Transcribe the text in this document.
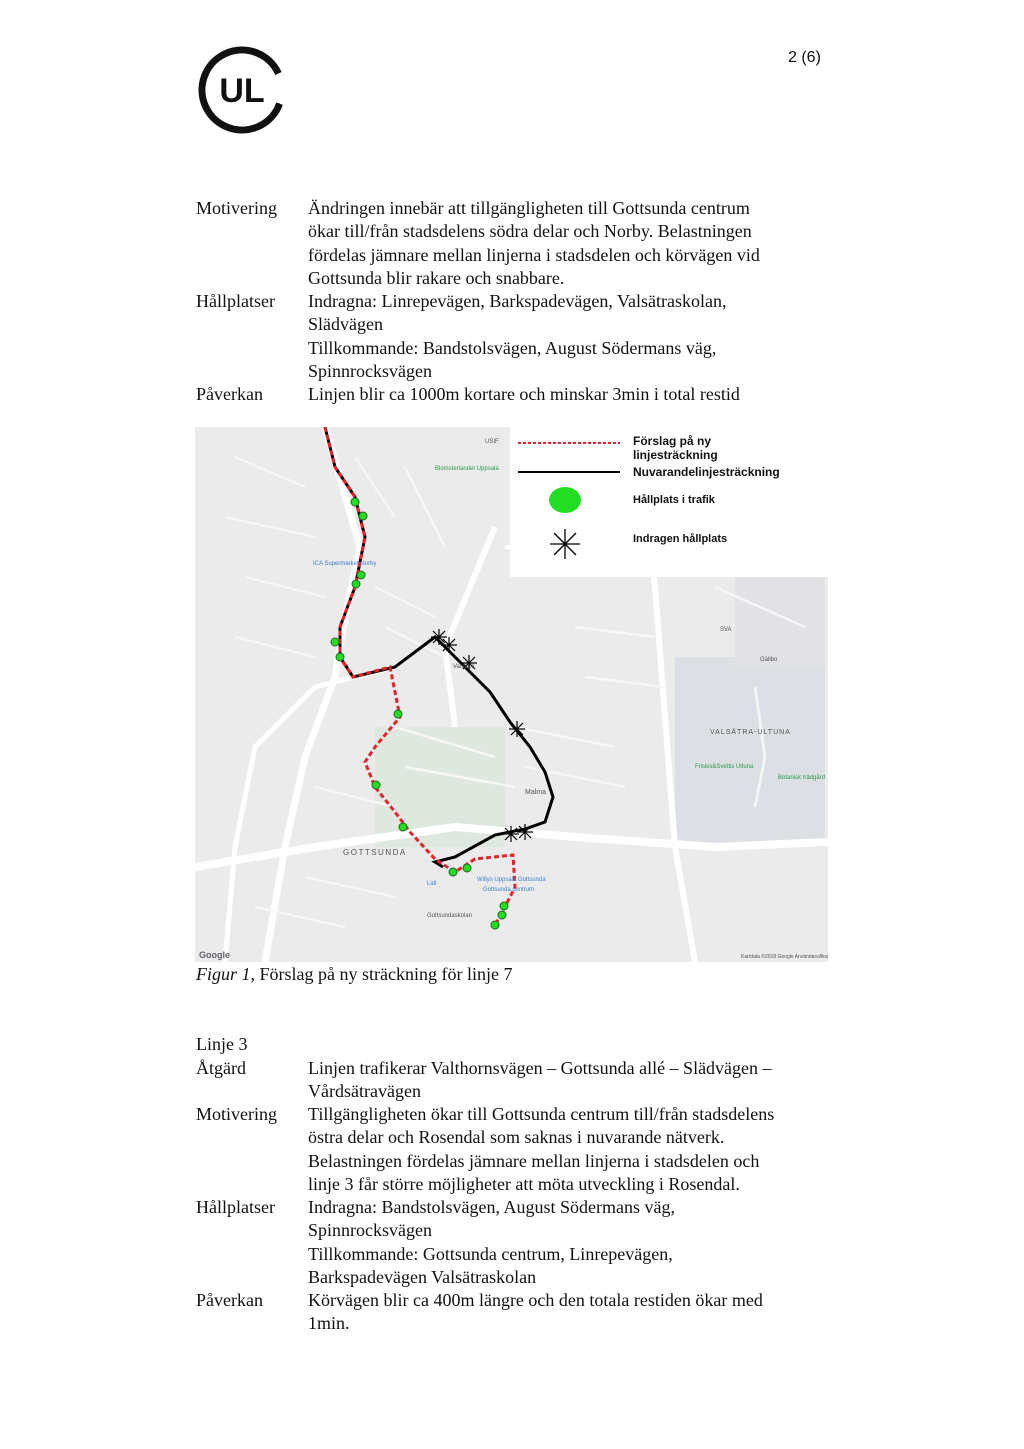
2 (6)
UL
Motivering	Ändringen innebär att tillgängligheten till Gottsunda centrum
ökar till/från stadsdelens södra delar och Norby. Belastningen
fördelas jämnare mellan linjerna i stadsdelen och körvägen vid
Gottsunda blir rakare och snabbare.
Hållplatser	Indragna: Linrepevägen, Barkspadevägen, Valsätraskolan,
Slädvägen
Tillkommande: Bandstolsvägen, August Södermans väg,
Spinnrocksvägen
Påverkan	Linjen blir ca 1000m kortare och minskar 3min i total restid
Förslag på ny
linjesträckning
Nuvarandelinjesträckning
Hållplats i trafik
Indragen hållplats
GOTTSUNDA
VALSÄTRA-ULTUNA
Malma
Valsätra
ICA Supermarket Norby
Willys Uppsala Gottsunda
Gottsunda centrum
Gottsundaskolan
Lidl
SVA
Gällbo
Friskis&Svettis Ultuna
Botanisk trädgård
Blomsterlandet Uppsala
USIF
Google	Kartdata ©2018 Google Användarvillkor
Figur 1, Förslag på ny sträckning för linje 7
Linje 3
Åtgärd	Linjen trafikerar Valthornsvägen – Gottsunda allé – Slädvägen –
Vårdsätravägen
Motivering	Tillgängligheten ökar till Gottsunda centrum till/från stadsdelens
östra delar och Rosendal som saknas i nuvarande nätverk.
Belastningen fördelas jämnare mellan linjerna i stadsdelen och
linje 3 får större möjligheter att möta utveckling i Rosendal.
Hållplatser	Indragna: Bandstolsvägen, August Södermans väg,
Spinnrocksvägen
Tillkommande: Gottsunda centrum, Linrepevägen,
Barkspadevägen Valsätraskolan
Påverkan	Körvägen blir ca 400m längre och den totala restiden ökar med
1min.
